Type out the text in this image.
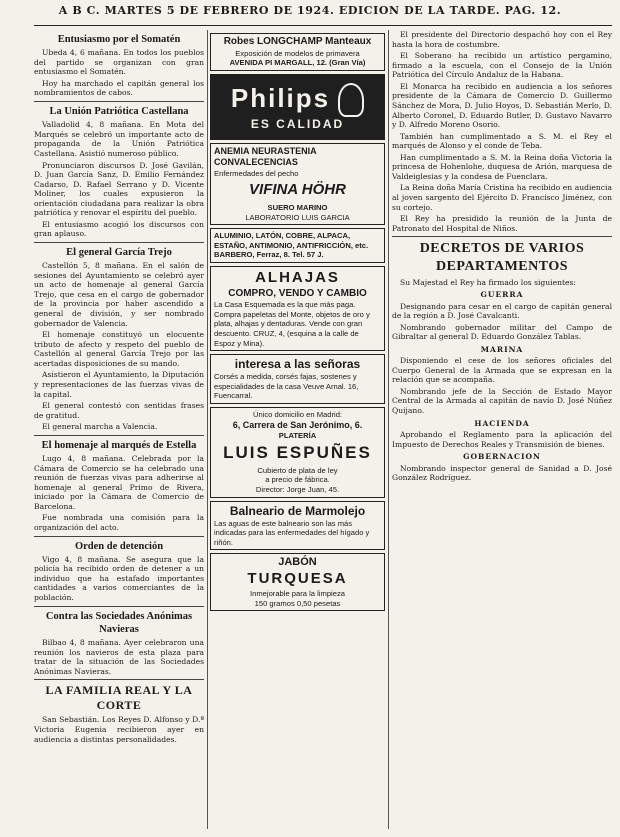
A B C. MARTES 5 DE FEBRERO DE 1924. EDICION DE LA TARDE. PAG. 12.
Entusiasmo por el Somatén

Ubeda 4, 6 mañana. En todos los pueblos del partido se organizan con gran entusiasmo el Somatén.

Hoy ha marchado el capitán general los nombramientos de cabos.

La Unión Patriótica Castellana

Valladolid 4, 8 mañana. En Mota del Marqués se celebró un importante acto de propaganda de la Unión Patriótica Castellana. Asistió numeroso público.

Pronunciaron discursos D. José Gavilán, D. Juan García Sanz, D. Emilio Fernández Cadarso, D. Rafael Serrano y D. Vicente Moliner, los cuales expusieron la orientación ciudadana para realizar la obra patriótica y renovar el espíritu del pueblo.

El entusiasmo acogió los discursos con gran aplauso.

El general García Trejo

Castellón 5, 8 mañana. En el salón de sesiones del Ayuntamiento se celebró ayer un acto de homenaje al general García Trejo, que cesa en el cargo de gobernador de la provincia por haber ascendido a general de división, y ser nombrado gobernador de Valencia.

El homenaje constituyó un elocuente tributo de afecto y respeto del pueblo de Castellón al general García Trejo por las acertadas disposiciones de su mando.

Asistieron el Ayuntamiento, la Diputación y representaciones de las fuerzas vivas de la capital.

El general contestó con sentidas frases de gratitud.

El general marcha a Valencia.

El homenaje al marqués de Estella

Lugo 4, 8 mañana. Celebrada por la Cámara de Comercio se ha celebrado una reunión de fuerzas vivas para adherirse al homenaje al general Primo de Rivera, iniciado por la Cámara de Comercio de Barcelona.

Fue nombrada una comisión para la organización del acto.

Orden de detención

Vigo 4, 8 mañana. Se asegura que la policía ha recibido orden de detener a un individuo que ha estafado importantes cantidades a varios comerciantes de la población.

Contra las Sociedades Anónimas Navieras

Bilbao 4, 8 mañana. Ayer celebraron una reunión los navieros de esta plaza para tratar de la situación de las Sociedades Anónimas Navieras.

LA FAMILIA REAL Y LA CORTE

San Sebastián. Los Reyes D. Alfonso y D.ª Victoria Eugenia recibieron ayer en audiencia a distintas personalidades.

Robes LONGCHAMP Manteaux
Exposición de modelos de primavera
AVENIDA PI MARGALL, 12. (Gran Vía)
Philips
ES CALIDAD
ANEMIA NEURASTENIA
CONVALECENCIAS
Enfermedades del pecho
VIFINA HÖHR
SUERO MARINO
LABORATORIO LUIS GARCIA
ALUMINIO, LATÓN, COBRE, ALPACA, ESTAÑO, ANTIMONIO, ANTIFRICCIÓN, etc. BARBERO, Ferraz, 8. Tel. 57 J.
ALHAJAS
COMPRO, VENDO Y CAMBIO
La Casa Esquemada es la que más paga. Compra papeletas del Monte, objetos de oro y plata, alhajas y dentaduras. Vende con gran descuento. CRUZ, 4, (esquina a la calle de Espoz y Mina).
interesa a las señoras
Corsés a medida, corsés fajas, sostenes y especialidades de la casa Veuve Arnal. 16, Fuencarral.
Único domicilio en Madrid:
6, Carrera de San Jerónimo, 6.
PLATERÍA
LUIS ESPUÑES
Cubierto de plata de ley
a precio de fábrica.
Director: Jorge Juan, 45.
Balneario de Marmolejo
Las aguas de este balneario son las más indicadas para las enfermedades del hígado y riñón.
JABÓN
TURQUESA
Inmejorable para la limpieza
150 gramos 0,50 pesetas

El presidente del Directorio despachó hoy con el Rey hasta la hora de costumbre.

El Soberano ha recibido un artístico pergamino, firmado a la escuela, con el Consejo de la Unión Patriótica del Círculo Andaluz de la Habana.

El Monarca ha recibido en audiencia a los señores presidente de la Cámara de Comercio D. Guillermo Sánchez de Mora, D. Julio Hoyos, D. Sebastián Merlo, D. Alberto Coronel, D. Eduardo Butler, D. Gustavo Navarro y D. Alfredo Moreno Osorio.

También han cumplimentado a S. M. el Rey el marqués de Alonso y el conde de Teba.

Han cumplimentado a S. M. la Reina doña Victoria la princesa de Hohenlohe, duquesa de Arión, marquesa de Valdeiglesias y la condesa de Fuenclara.

La Reina doña María Cristina ha recibido en audiencia al joven sargento del Ejército D. Francisco Jiménez, con su cortejo.

El Rey ha presidido la reunión de la Junta de Patronato del Hospital de Niños.

DECRETOS DE VARIOS DEPARTAMENTOS

Su Majestad el Rey ha firmado los siguientes:

GUERRA

Designando para cesar en el cargo de capitán general de la región a D. José Cavalcanti.

Nombrando gobernador militar del Campo de Gibraltar al general D. Eduardo González Tablas.

MARINA

Disponiendo el cese de los señores oficiales del Cuerpo General de la Armada que se expresan en la relación que se acompaña.

Nombrando jefe de la Sección de Estado Mayor Central de la Armada al capitán de navío D. José Núñez Quijano.

HACIENDA

Aprobando el Reglamento para la aplicación del Impuesto de Derechos Reales y Transmisión de bienes.

GOBERNACION

Nombrando inspector general de Sanidad a D. José González Rodríguez.
